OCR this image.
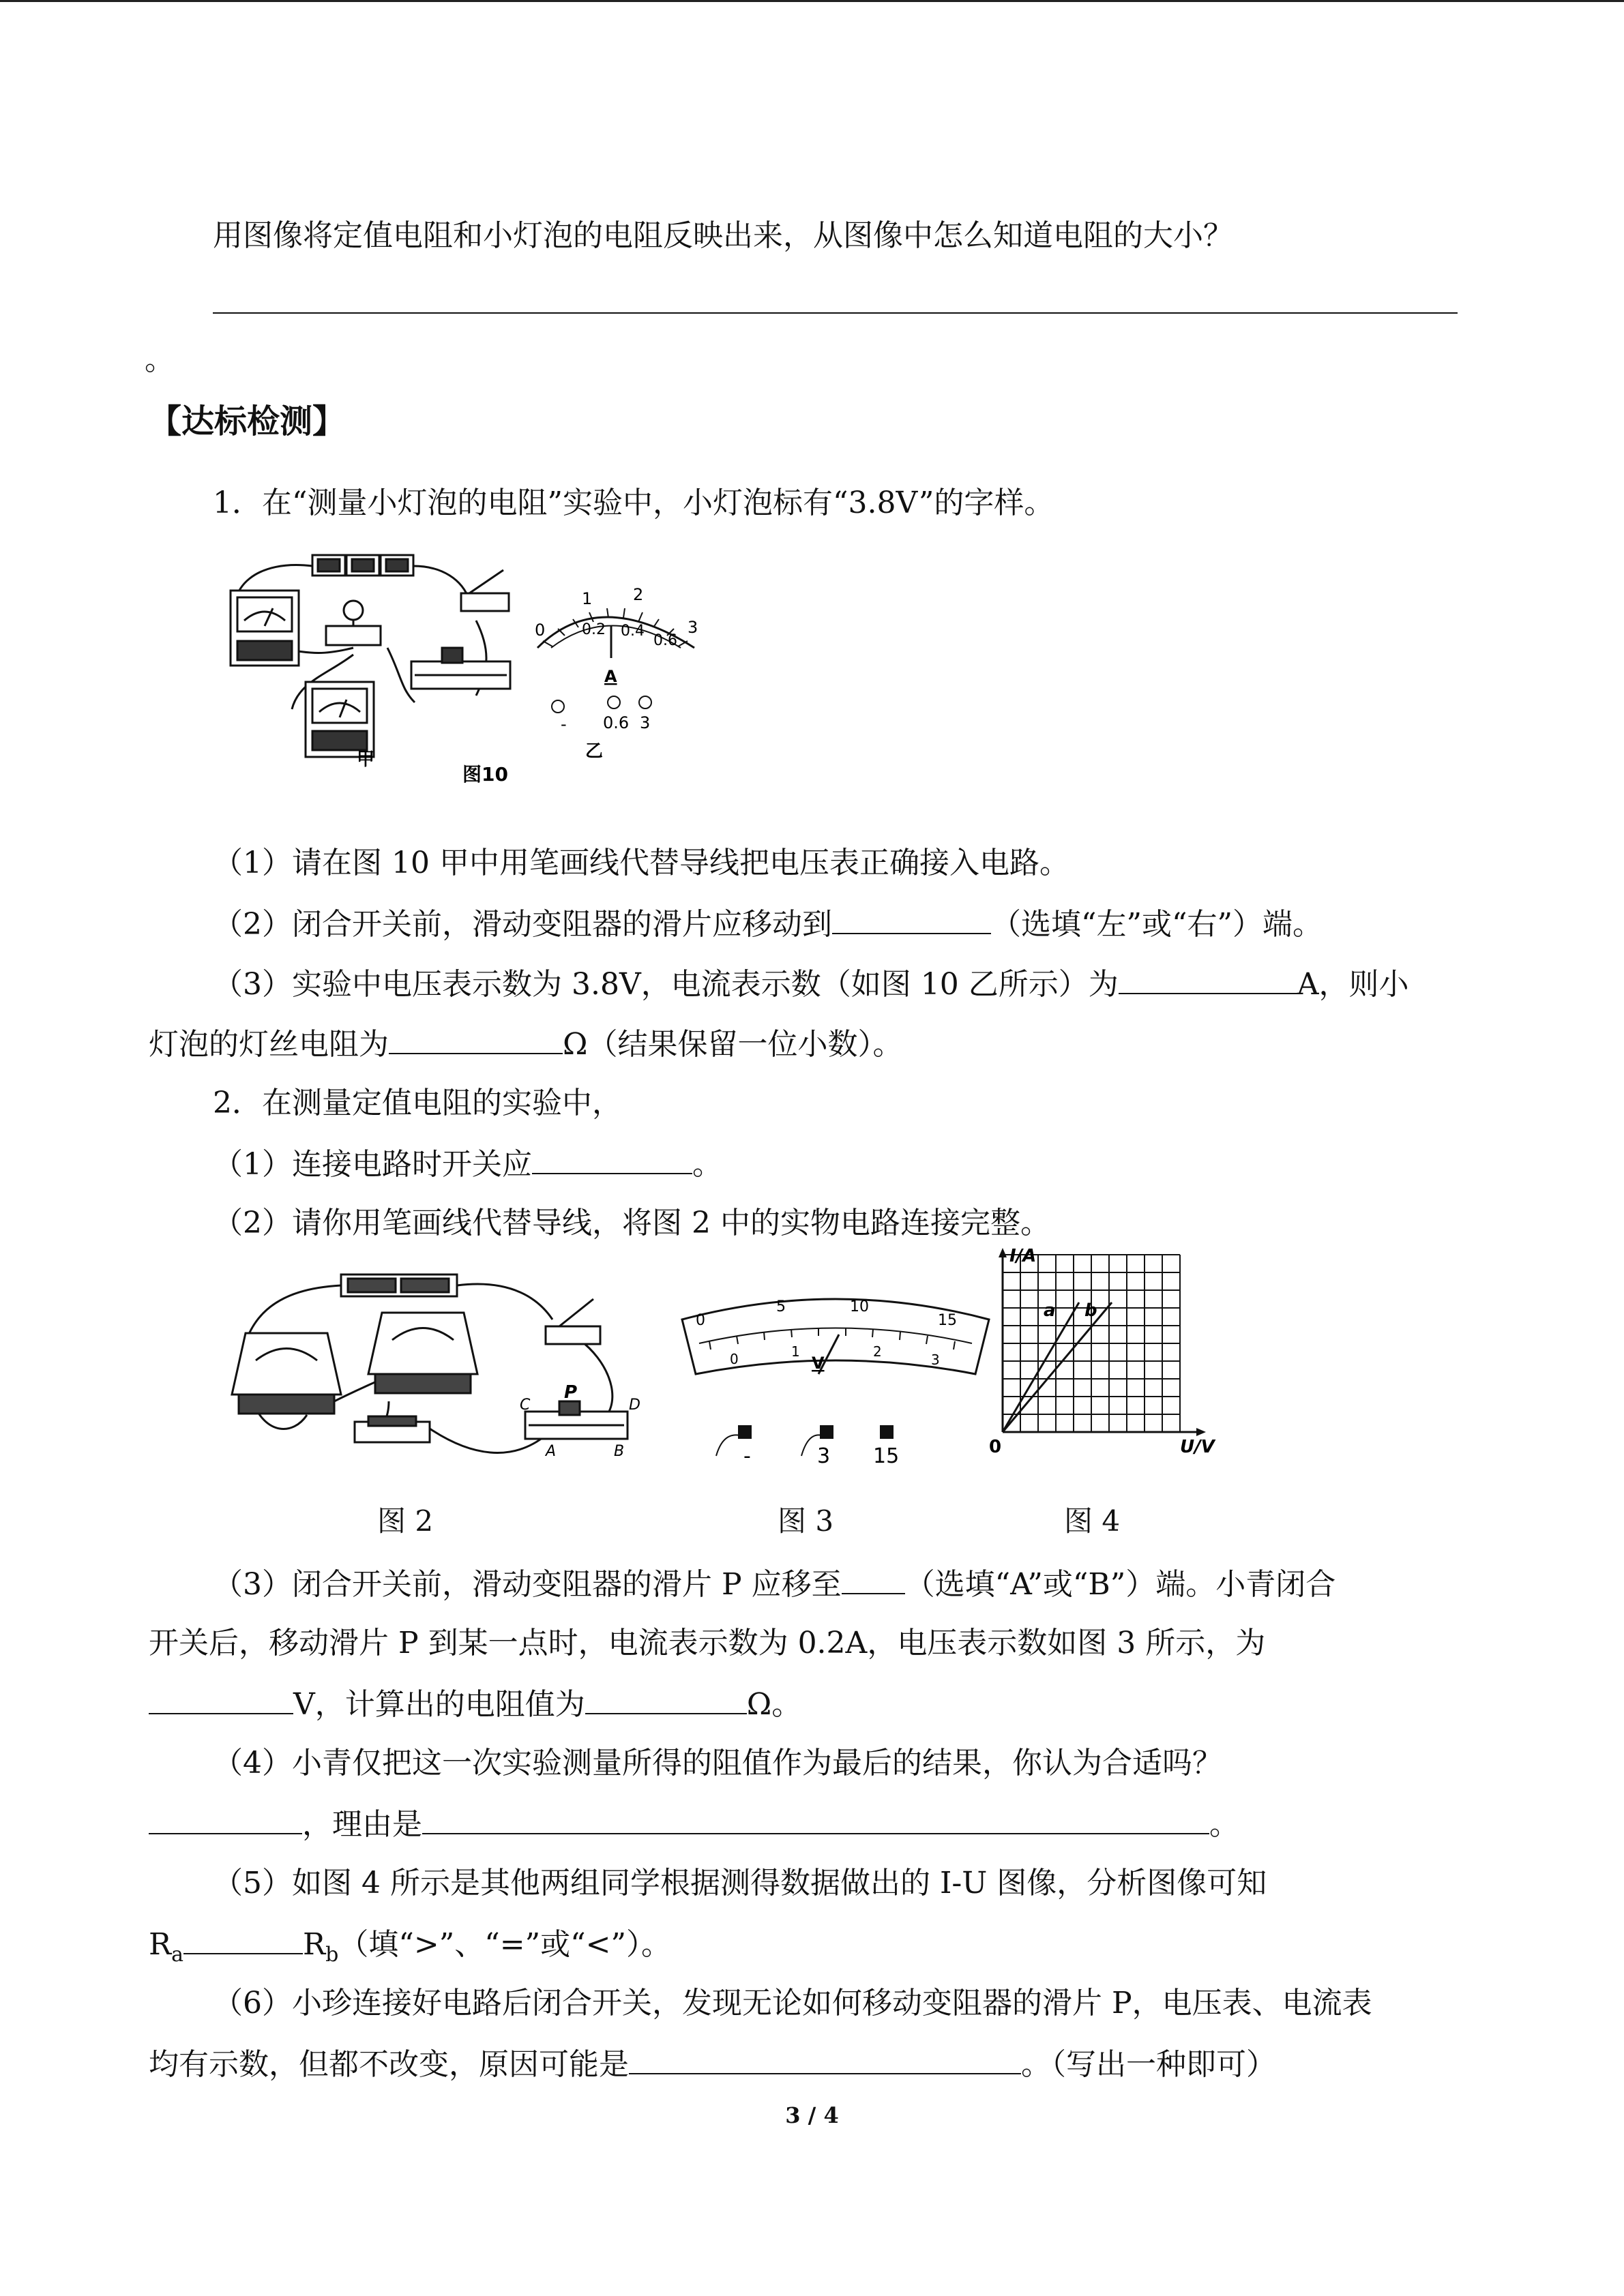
用图像将定值电阻和小灯泡的电阻反映出来，从图像中怎么知道电阻的大小？
。
【达标检测】
1．在“测量小灯泡的电阻”实验中，小灯泡标有“3.8V”的字样。
甲
图10
0
1 2
3
0.2 0.4
0.6
A
- 0.6 3
乙
（1）请在图 10 甲中用笔画线代替导线把电压表正确接入电路。
（2）闭合开关前，滑动变阻器的滑片应移动到	（选填“左”或“右”）端。
（3）实验中电压表示数为 3.8V，电流表示数（如图 10 乙所示）为	A，则小
灯泡的灯丝电阻为	Ω（结果保留一位小数）。
2．在测量定值电阻的实验中，
（1）连接电路时开关应	。
（2）请你用笔画线代替导线，将图 2 中的实物电路连接完整。
P
C	D
A	B
0
5	10
15
0	1	2	3
V
-	3 15
I/A
U/V
0
a b
图 2	图 3	图 4
（3）闭合开关前，滑动变阻器的滑片 P 应移至 （选填“A”或“B”）端。小青闭合
开关后，移动滑片 P 到某一点时，电流表示数为 0.2A，电压表示数如图 3 所示，为
V，计算出的电阻值为	Ω。
（4）小青仅把这一次实验测量所得的阻值作为最后的结果，你认为合适吗？
，理由是	。
（5）如图 4 所示是其他两组同学根据测得数据做出的 I-U 图像，分析图像可知
$R_a$	$R_b$（填“>”、“=”或“<”）。
（6）小珍连接好电路后闭合开关，发现无论如何移动变阻器的滑片 P，电压表、电流表
均有示数，但都不改变，原因可能是	。（写出一种即可）
3 / 4
